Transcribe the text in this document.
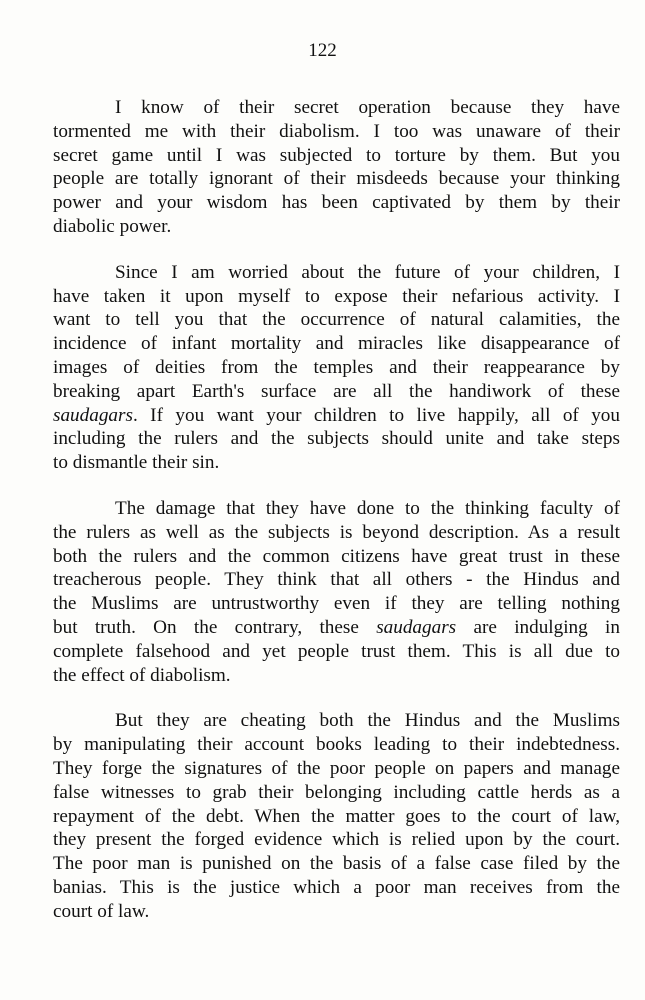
122

I know of their secret operation because they have
tormented me with their diabolism. I too was unaware of their
secret game until I was subjected to torture by them. But you
people are totally ignorant of their misdeeds because your thinking
power and your wisdom has been captivated by them by their
diabolic power.

Since I am worried about the future of your children, I
have taken it upon myself to expose their nefarious activity. I
want to tell you that the occurrence of natural calamities, the
incidence of infant mortality and miracles like disappearance of
images of deities from the temples and their reappearance by
breaking apart Earth's surface are all the handiwork of these
saudagars. If you want your children to live happily, all of you
including the rulers and the subjects should unite and take steps
to dismantle their sin.

The damage that they have done to the thinking faculty of
the rulers as well as the subjects is beyond description. As a result
both the rulers and the common citizens have great trust in these
treacherous people. They think that all others - the Hindus and
the Muslims are untrustworthy even if they are telling nothing
but truth. On the contrary, these saudagars are indulging in
complete falsehood and yet people trust them. This is all due to
the effect of diabolism.

But they are cheating both the Hindus and the Muslims
by manipulating their account books leading to their indebtedness.
They forge the signatures of the poor people on papers and manage
false witnesses to grab their belonging including cattle herds as a
repayment of the debt. When the matter goes to the court of law,
they present the forged evidence which is relied upon by the court.
The poor man is punished on the basis of a false case filed by the
banias. This is the justice which a poor man receives from the
court of law.
